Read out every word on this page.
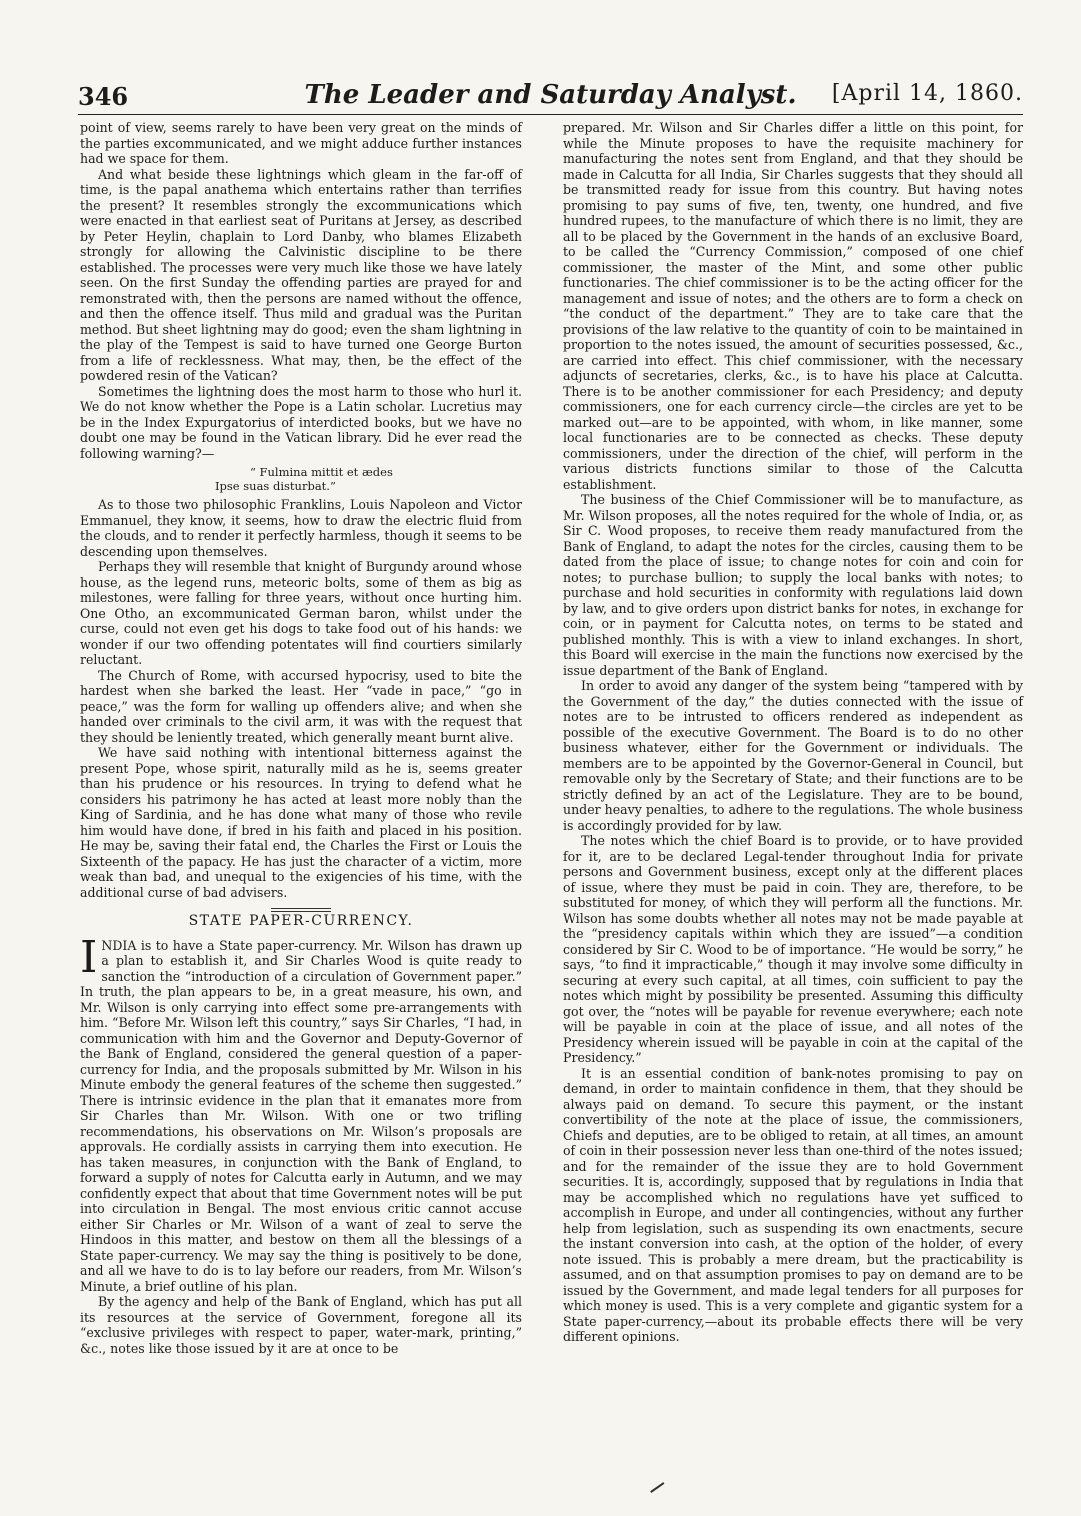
346	The Leader and Saturday Analyst.	[April 14, 1860.

point of view, seems rarely to have been very great on the minds of the parties excommunicated, and we might adduce further instances had we space for them.

And what beside these lightnings which gleam in the far-off of time, is the papal anathema which entertains rather than terrifies the present? It resembles strongly the excommunications which were enacted in that earliest seat of Puritans at Jersey, as described by Peter Heylin, chaplain to Lord Danby, who blames Elizabeth strongly for allowing the Calvinistic discipline to be there established. The processes were very much like those we have lately seen. On the first Sunday the offending parties are prayed for and remonstrated with, then the persons are named without the offence, and then the offence itself. Thus mild and gradual was the Puritan method. But sheet lightning may do good; even the sham lightning in the play of the Tempest is said to have turned one George Burton from a life of recklessness. What may, then, be the effect of the powdered resin of the Vatican?

Sometimes the lightning does the most harm to those who hurl it. We do not know whether the Pope is a Latin scholar. Lucretius may be in the Index Expurgatorius of interdicted books, but we have no doubt one may be found in the Vatican library. Did he ever read the following warning?—

“ Fulmina mittit et ædes
Ipse suas disturbat.”

As to those two philosophic Franklins, Louis Napoleon and Victor Emmanuel, they know, it seems, how to draw the electric fluid from the clouds, and to render it perfectly harmless, though it seems to be descending upon themselves.

Perhaps they will resemble that knight of Burgundy around whose house, as the legend runs, meteoric bolts, some of them as big as milestones, were falling for three years, without once hurting him. One Otho, an excommunicated German baron, whilst under the curse, could not even get his dogs to take food out of his hands: we wonder if our two offending potentates will find courtiers similarly reluctant.

The Church of Rome, with accursed hypocrisy, used to bite the hardest when she barked the least. Her “vade in pace,” “go in peace,” was the form for walling up offenders alive; and when she handed over criminals to the civil arm, it was with the request that they should be leniently treated, which generally meant burnt alive.

We have said nothing with intentional bitterness against the present Pope, whose spirit, naturally mild as he is, seems greater than his prudence or his resources. In trying to defend what he considers his patrimony he has acted at least more nobly than the King of Sardinia, and he has done what many of those who revile him would have done, if bred in his faith and placed in his position. He may be, saving their fatal end, the Charles the First or Louis the Sixteenth of the papacy. He has just the character of a victim, more weak than bad, and unequal to the exigencies of his time, with the additional curse of bad advisers.

STATE PAPER-CURRENCY.

INDIA is to have a State paper-currency. Mr. Wilson has drawn up a plan to establish it, and Sir Charles Wood is quite ready to sanction the “introduction of a circulation of Government paper.” In truth, the plan appears to be, in a great measure, his own, and Mr. Wilson is only carrying into effect some pre-arrangements with him. “Before Mr. Wilson left this country,” says Sir Charles, “I had, in communication with him and the Governor and Deputy-Governor of the Bank of England, considered the general question of a paper-currency for India, and the proposals submitted by Mr. Wilson in his Minute embody the general features of the scheme then suggested.” There is intrinsic evidence in the plan that it emanates more from Sir Charles than Mr. Wilson. With one or two trifling recommendations, his observations on Mr. Wilson’s proposals are approvals. He cordially assists in carrying them into execution. He has taken measures, in conjunction with the Bank of England, to forward a supply of notes for Calcutta early in Autumn, and we may confidently expect that about that time Government notes will be put into circulation in Bengal. The most envious critic cannot accuse either Sir Charles or Mr. Wilson of a want of zeal to serve the Hindoos in this matter, and bestow on them all the blessings of a State paper-currency. We may say the thing is positively to be done, and all we have to do is to lay before our readers, from Mr. Wilson’s Minute, a brief outline of his plan.

By the agency and help of the Bank of England, which has put all its resources at the service of Government, foregone all its “exclusive privileges with respect to paper, water-mark, printing,” &c., notes like those issued by it are at once to be

prepared. Mr. Wilson and Sir Charles differ a little on this point, for while the Minute proposes to have the requisite machinery for manufacturing the notes sent from England, and that they should be made in Calcutta for all India, Sir Charles suggests that they should all be transmitted ready for issue from this country. But having notes promising to pay sums of five, ten, twenty, one hundred, and five hundred rupees, to the manufacture of which there is no limit, they are all to be placed by the Government in the hands of an exclusive Board, to be called the “Currency Commission,” composed of one chief commissioner, the master of the Mint, and some other public functionaries. The chief commissioner is to be the acting officer for the management and issue of notes; and the others are to form a check on “the conduct of the department.” They are to take care that the provisions of the law relative to the quantity of coin to be maintained in proportion to the notes issued, the amount of securities possessed, &c., are carried into effect. This chief commissioner, with the necessary adjuncts of secretaries, clerks, &c., is to have his place at Calcutta. There is to be another commissioner for each Presidency; and deputy commissioners, one for each currency circle—the circles are yet to be marked out—are to be appointed, with whom, in like manner, some local functionaries are to be connected as checks. These deputy commissioners, under the direction of the chief, will perform in the various districts functions similar to those of the Calcutta establishment.

The business of the Chief Commissioner will be to manufacture, as Mr. Wilson proposes, all the notes required for the whole of India, or, as Sir C. Wood proposes, to receive them ready manufactured from the Bank of England, to adapt the notes for the circles, causing them to be dated from the place of issue; to change notes for coin and coin for notes; to purchase bullion; to supply the local banks with notes; to purchase and hold securities in conformity with regulations laid down by law, and to give orders upon district banks for notes, in exchange for coin, or in payment for Calcutta notes, on terms to be stated and published monthly. This is with a view to inland exchanges. In short, this Board will exercise in the main the functions now exercised by the issue department of the Bank of England.

In order to avoid any danger of the system being “tampered with by the Government of the day,” the duties connected with the issue of notes are to be intrusted to officers rendered as independent as possible of the executive Government. The Board is to do no other business whatever, either for the Government or individuals. The members are to be appointed by the Governor-General in Council, but removable only by the Secretary of State; and their functions are to be strictly defined by an act of the Legislature. They are to be bound, under heavy penalties, to adhere to the regulations. The whole business is accordingly provided for by law.

The notes which the chief Board is to provide, or to have provided for it, are to be declared Legal-tender throughout India for private persons and Government business, except only at the different places of issue, where they must be paid in coin. They are, therefore, to be substituted for money, of which they will perform all the functions. Mr. Wilson has some doubts whether all notes may not be made payable at the “presidency capitals within which they are issued”—a condition considered by Sir C. Wood to be of importance. “He would be sorry,” he says, “to find it impracticable,” though it may involve some difficulty in securing at every such capital, at all times, coin sufficient to pay the notes which might by possibility be presented. Assuming this difficulty got over, the “notes will be payable for revenue everywhere; each note will be payable in coin at the place of issue, and all notes of the Presidency wherein issued will be payable in coin at the capital of the Presidency.”

It is an essential condition of bank-notes promising to pay on demand, in order to maintain confidence in them, that they should be always paid on demand. To secure this payment, or the instant convertibility of the note at the place of issue, the commissioners, Chiefs and deputies, are to be obliged to retain, at all times, an amount of coin in their possession never less than one-third of the notes issued; and for the remainder of the issue they are to hold Government securities. It is, accordingly, supposed that by regulations in India that may be accomplished which no regulations have yet sufficed to accomplish in Europe, and under all contingencies, without any further help from legislation, such as suspending its own enactments, secure the instant conversion into cash, at the option of the holder, of every note issued. This is probably a mere dream, but the practicability is assumed, and on that assumption promises to pay on demand are to be issued by the Government, and made legal tenders for all purposes for which money is used. This is a very complete and gigantic system for a State paper-currency,—about its probable effects there will be very different opinions.
